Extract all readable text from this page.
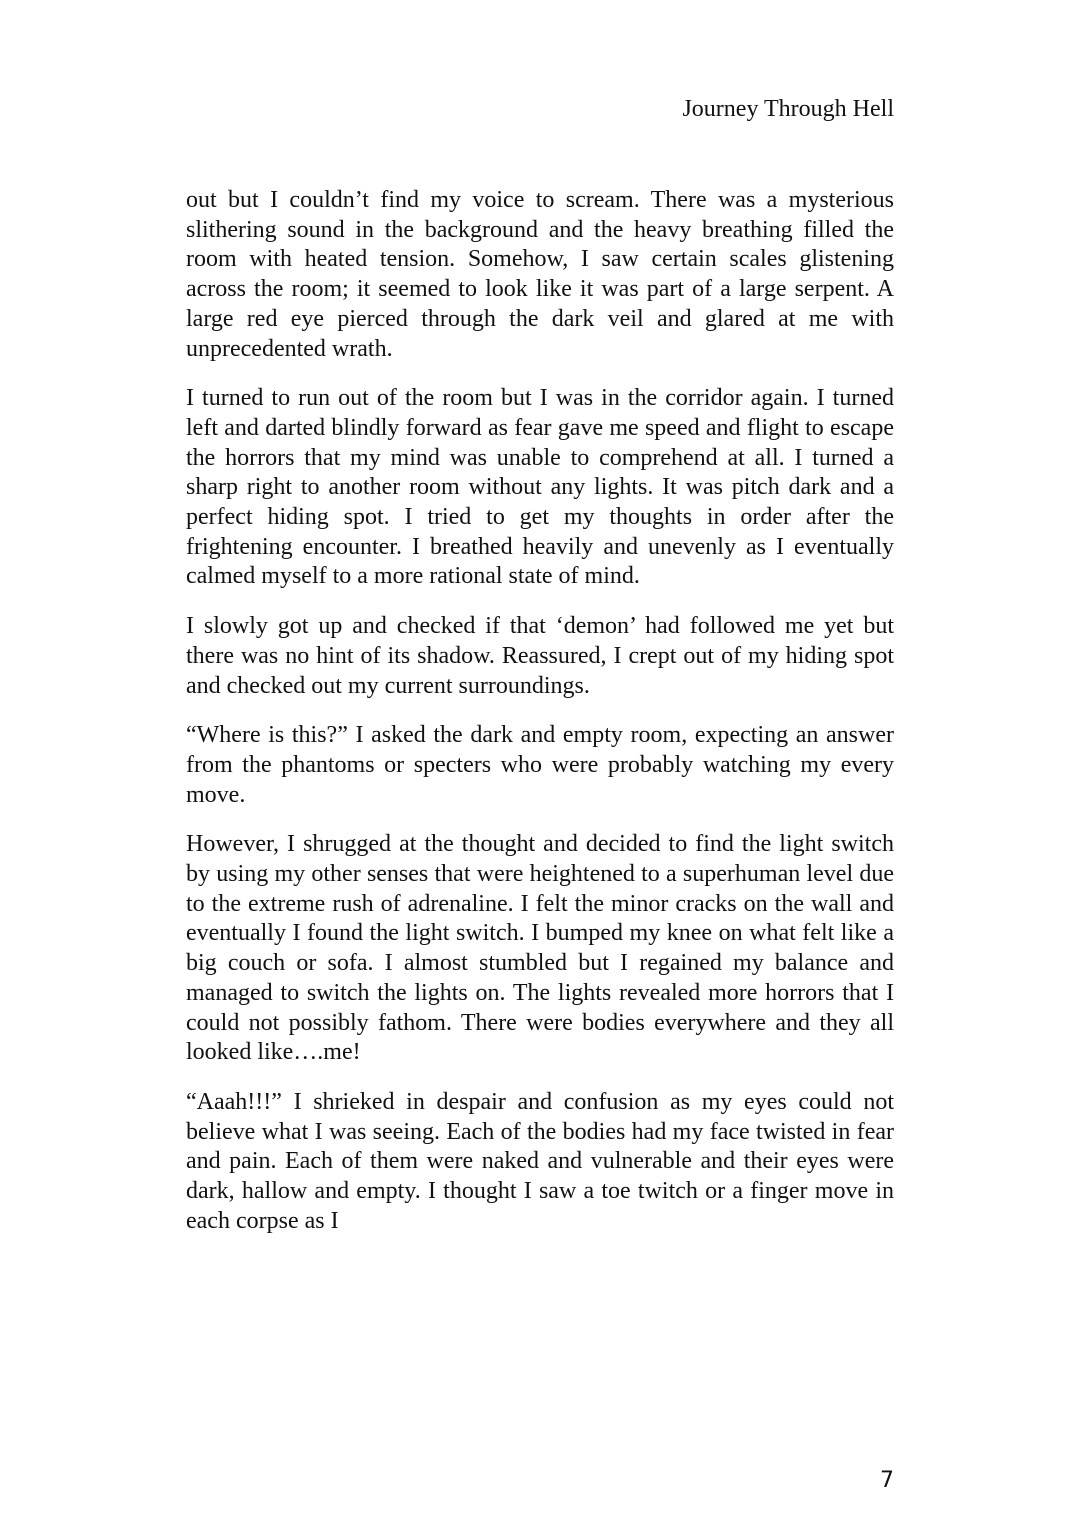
Journey Through Hell

out but I couldn’t find my voice to scream. There was a mysterious slithering sound in the background and the heavy breathing filled the room with heated tension. Somehow, I saw certain scales glistening across the room; it seemed to look like it was part of a large serpent. A large red eye pierced through the dark veil and glared at me with unprecedented wrath.

I turned to run out of the room but I was in the corridor again. I turned left and darted blindly forward as fear gave me speed and flight to escape the horrors that my mind was unable to comprehend at all. I turned a sharp right to another room without any lights. It was pitch dark and a perfect hiding spot. I tried to get my thoughts in order after the frightening encounter. I breathed heavily and unevenly as I eventually calmed myself to a more rational state of mind.

I slowly got up and checked if that ‘demon’ had followed me yet but there was no hint of its shadow. Reassured, I crept out of my hiding spot and checked out my current surroundings.

“Where is this?” I asked the dark and empty room, expecting an answer from the phantoms or specters who were probably watching my every move.

However, I shrugged at the thought and decided to find the light switch by using my other senses that were heightened to a superhuman level due to the extreme rush of adrenaline. I felt the minor cracks on the wall and eventually I found the light switch. I bumped my knee on what felt like a big couch or sofa. I almost stumbled but I regained my balance and managed to switch the lights on. The lights revealed more horrors that I could not possibly fathom. There were bodies everywhere and they all looked like….me!

“Aaah!!!” I shrieked in despair and confusion as my eyes could not believe what I was seeing. Each of the bodies had my face twisted in fear and pain. Each of them were naked and vulnerable and their eyes were dark, hallow and empty. I thought I saw a toe twitch or a finger move in each corpse as I

7
